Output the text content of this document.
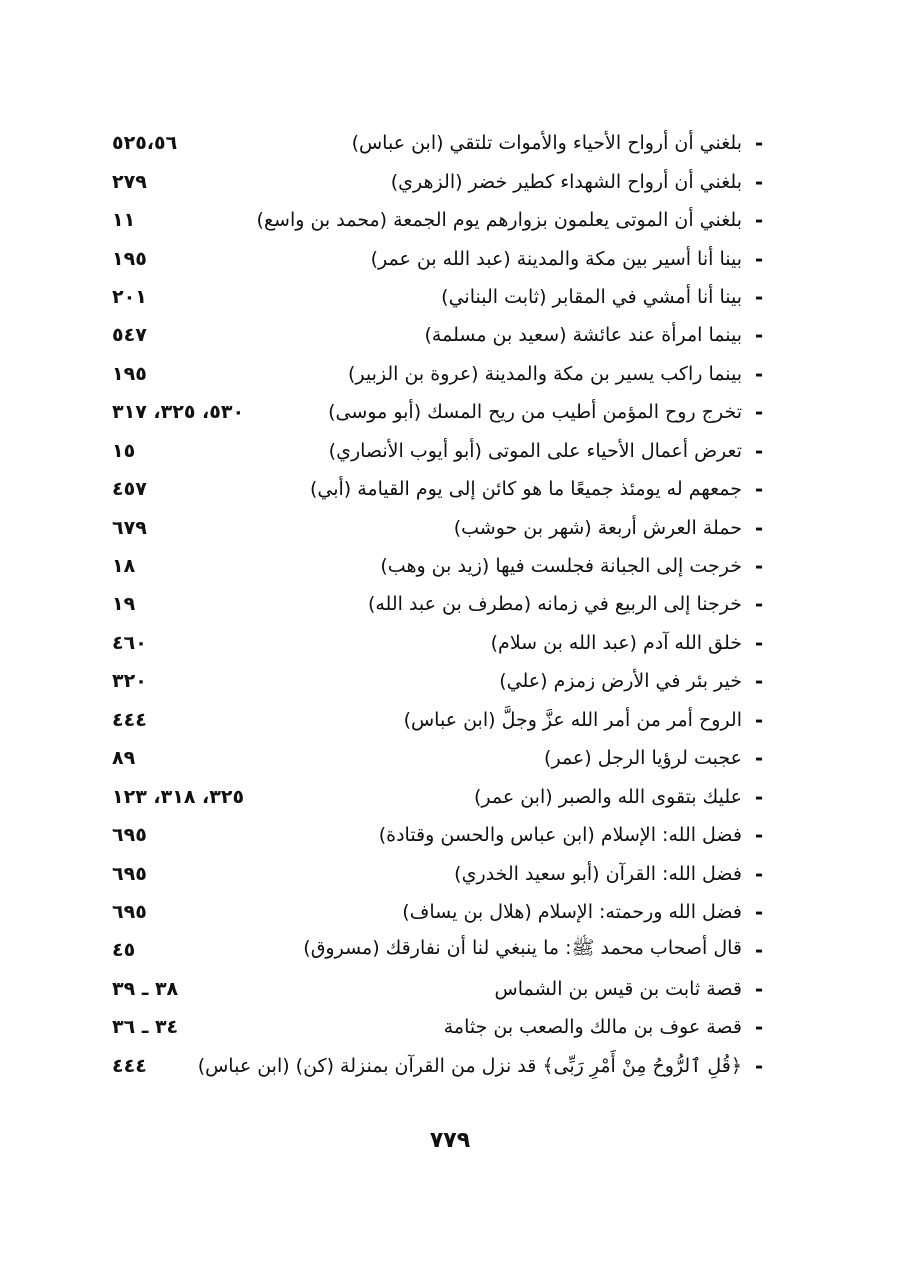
-
بلغني أن أرواح الأحياء والأموات تلتقي (ابن عباس)
٥٢٥،٥٦
-
بلغني أن أرواح الشهداء كطير خضر (الزهري)
٢٧٩
-
بلغني أن الموتى يعلمون بزوارهم يوم الجمعة (محمد بن واسع)
١١
-
بينا أنا أسير بين مكة والمدينة (عبد الله بن عمر)
١٩٥
-
بينا أنا أمشي في المقابر (ثابت البناني)
٢٠١
-
بينما امرأة عند عائشة (سعيد بن مسلمة)
٥٤٧
-
بينما راكب يسير بن مكة والمدينة (عروة بن الزبير)
١٩٥
-
تخرج روح المؤمن أطيب من ريح المسك (أبو موسى)
٥٣٠، ٣٢٥، ٣١٧
-
تعرض أعمال الأحياء على الموتى (أبو أيوب الأنصاري)
١٥
-
جمعهم له يومئذ جميعًا ما هو كائن إلى يوم القيامة (أبي)
٤٥٧
-
حملة العرش أربعة (شهر بن حوشب)
٦٧٩
-
خرجت إلى الجبانة فجلست فيها (زيد بن وهب)
١٨
-
خرجنا إلى الربيع في زمانه (مطرف بن عبد الله)
١٩
-
خلق الله آدم (عبد الله بن سلام)
٤٦٠
-
خير بئر في الأرض زمزم (علي)
٣٢٠
-
الروح أمر من أمر الله عزَّ وجلَّ (ابن عباس)
٤٤٤
-
عجبت لرؤيا الرجل (عمر)
٨٩
-
عليك بتقوى الله والصبر (ابن عمر)
٣٢٥، ٣١٨، ١٢٣
-
فضل الله: الإسلام (ابن عباس والحسن وقتادة)
٦٩٥
-
فضل الله: القرآن (أبو سعيد الخدري)
٦٩٥
-
فضل الله ورحمته: الإسلام (هلال بن يساف)
٦٩٥
-
قال أصحاب محمد ﷺ: ما ينبغي لنا أن نفارقك (مسروق)
٤٥
-
قصة ثابت بن قيس بن الشماس
٣٨ ـ ٣٩
-
قصة عوف بن مالك والصعب بن جثامة
٣٤ ـ ٣٦
-
﴿قُلِ ٱلرُّوحُ مِنْ أَمْرِ رَبِّى﴾ قد نزل من القرآن بمنزلة (كن) (ابن عباس)
٤٤٤
٧٧٩
